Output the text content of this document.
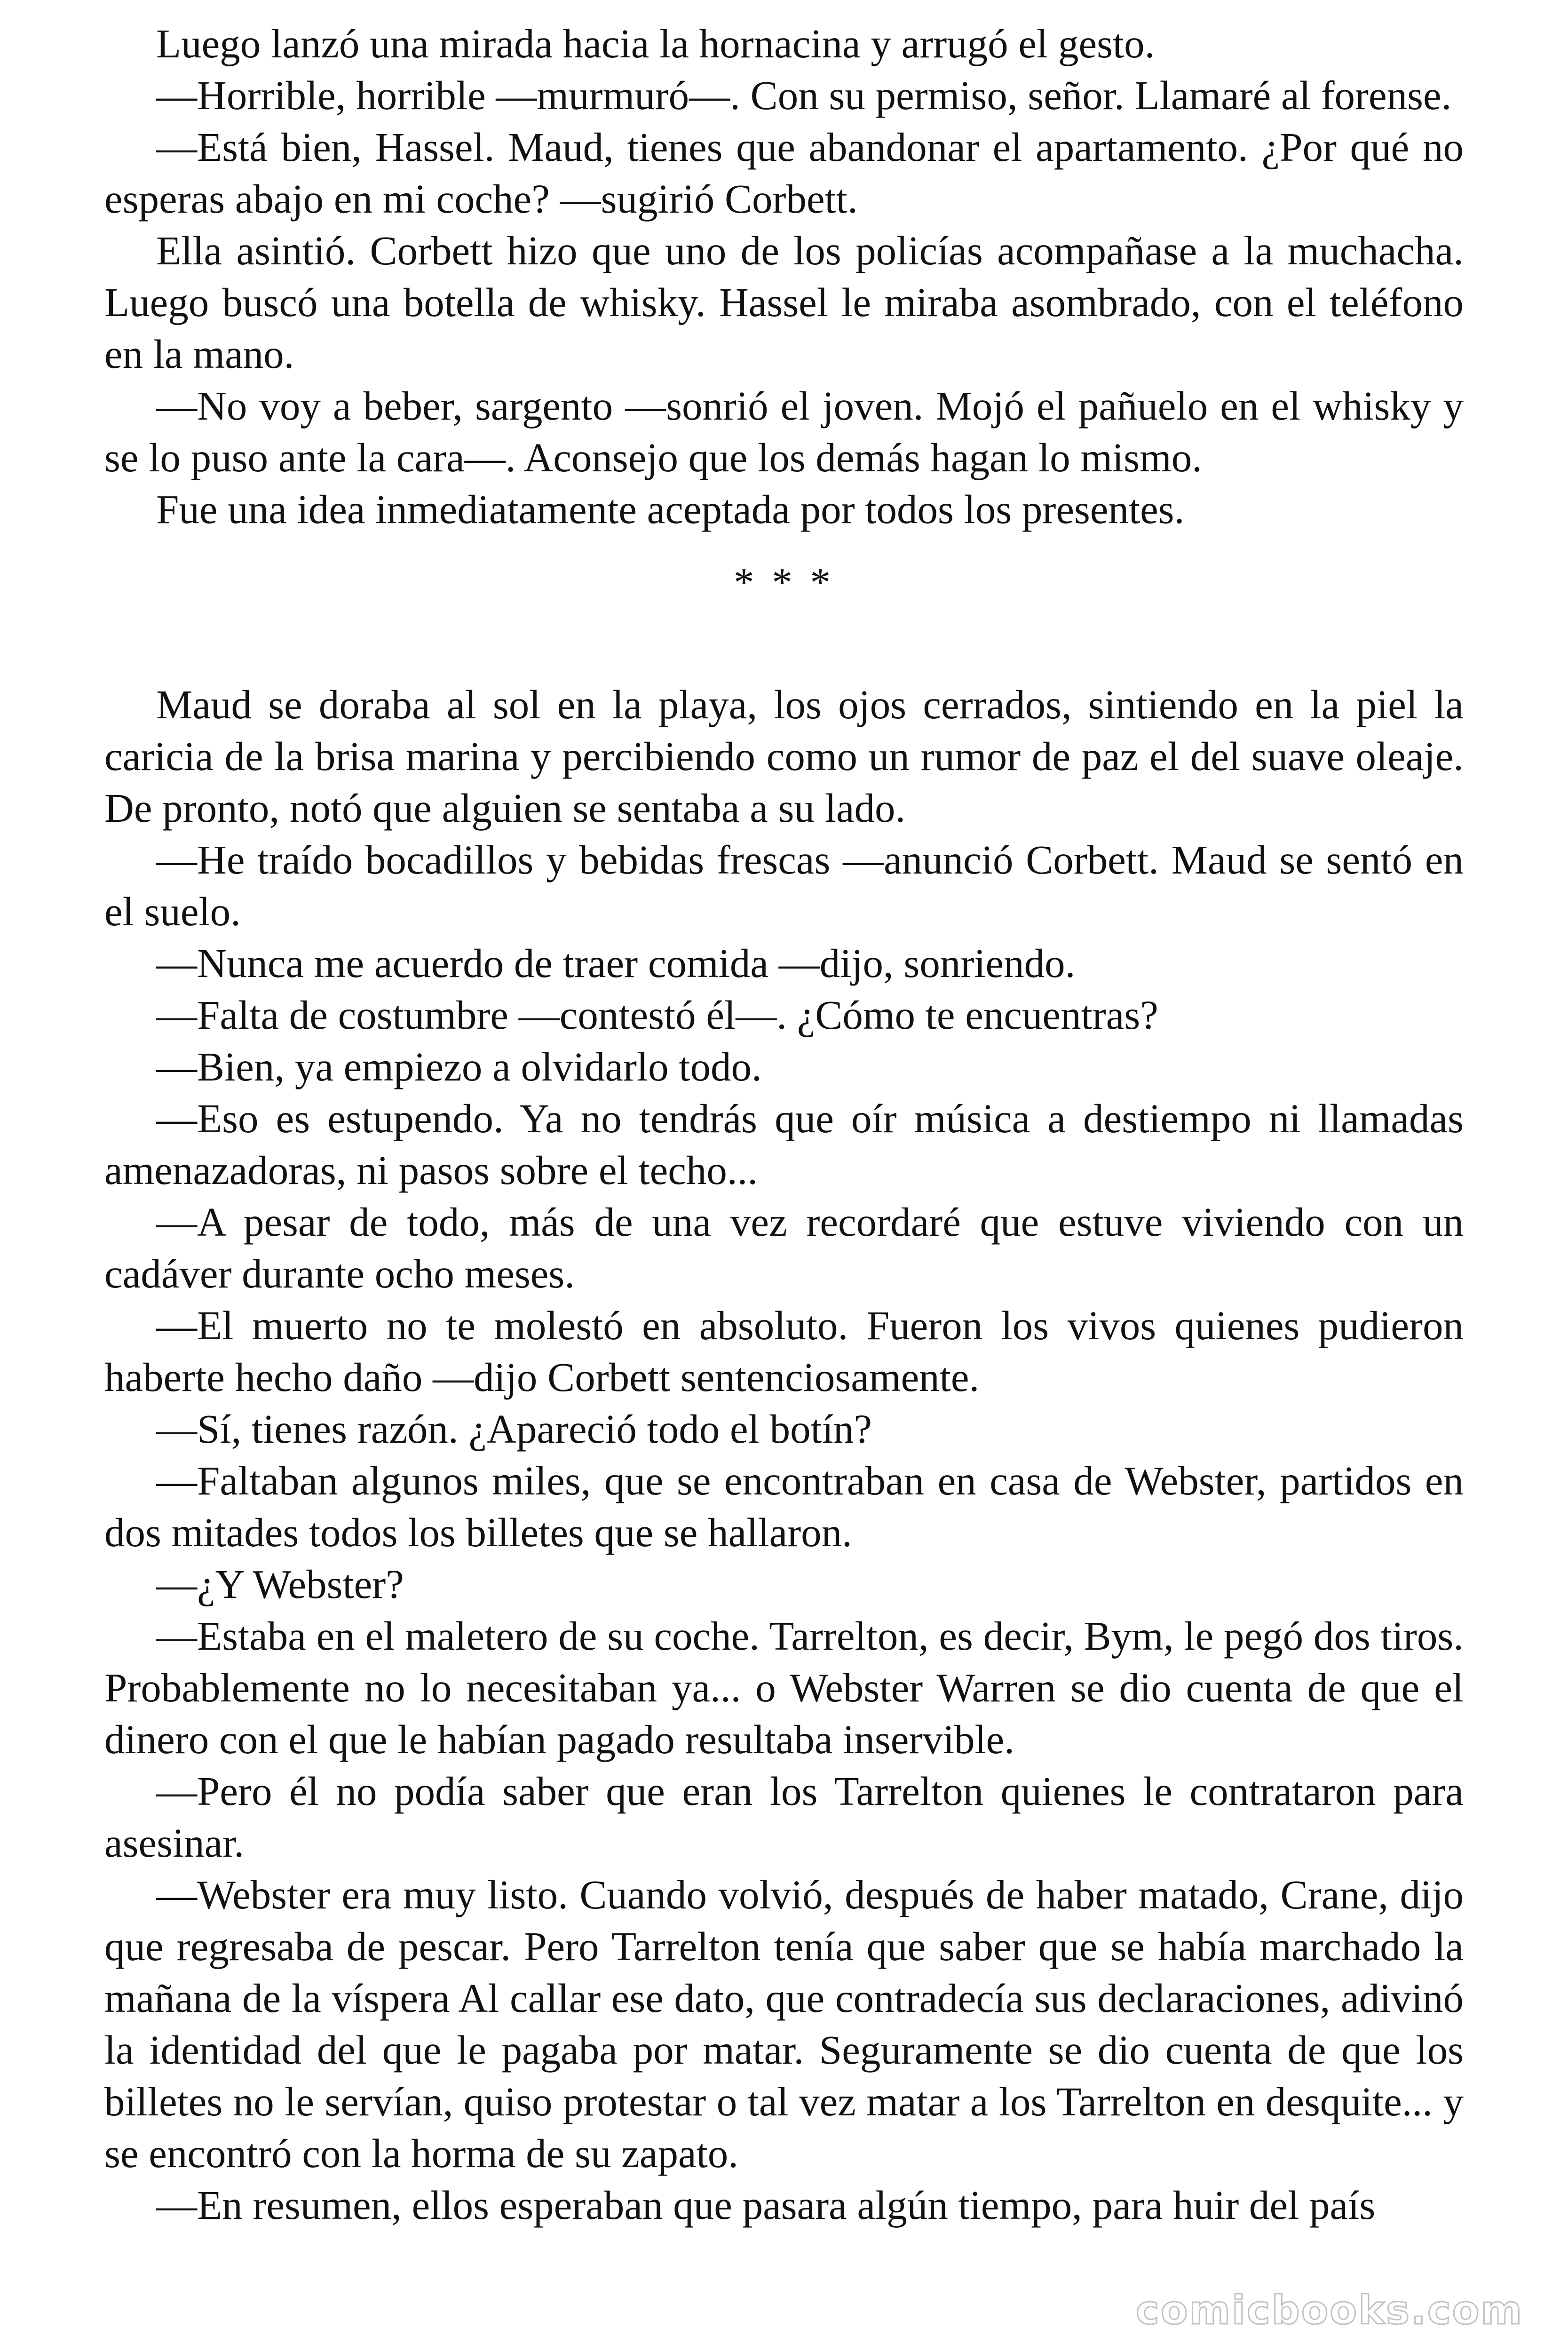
Luego lanzó una mirada hacia la hornacina y arrugó el gesto.

—Horrible, horrible —murmuró—. Con su permiso, señor. Llamaré al forense.

—Está bien, Hassel. Maud, tienes que abandonar el apartamento. ¿Por qué no esperas abajo en mi coche? —sugirió Corbett.

Ella asintió. Corbett hizo que uno de los policías acompañase a la muchacha. Luego buscó una botella de whisky. Hassel le miraba asombrado, con el teléfono en la mano.

—No voy a beber, sargento —sonrió el joven. Mojó el pañuelo en el whisky y se lo puso ante la cara—. Aconsejo que los demás hagan lo mismo.

Fue una idea inmediatamente aceptada por todos los presentes.

* * *

Maud se doraba al sol en la playa, los ojos cerrados, sintiendo en la piel la caricia de la brisa marina y percibiendo como un rumor de paz el del suave oleaje. De pronto, notó que alguien se sentaba a su lado.

—He traído bocadillos y bebidas frescas —anunció Corbett. Maud se sentó en el suelo.

—Nunca me acuerdo de traer comida —dijo, sonriendo.

—Falta de costumbre —contestó él—. ¿Cómo te encuentras?

—Bien, ya empiezo a olvidarlo todo.

—Eso es estupendo. Ya no tendrás que oír música a destiempo ni llamadas amenazadoras, ni pasos sobre el techo...

—A pesar de todo, más de una vez recordaré que estuve viviendo con un cadáver durante ocho meses.

—El muerto no te molestó en absoluto. Fueron los vivos quienes pudieron haberte hecho daño —dijo Corbett sentenciosamente.

—Sí, tienes razón. ¿Apareció todo el botín?

—Faltaban algunos miles, que se encontraban en casa de Webster, partidos en dos mitades todos los billetes que se hallaron.

—¿Y Webster?

—Estaba en el maletero de su coche. Tarrelton, es decir, Bym, le pegó dos tiros. Probablemente no lo necesitaban ya... o Webster Warren se dio cuenta de que el dinero con el que le habían pagado resultaba inservible.

—Pero él no podía saber que eran los Tarrelton quienes le contrataron para asesinar.

—Webster era muy listo. Cuando volvió, después de haber matado, Crane, dijo que regresaba de pescar. Pero Tarrelton tenía que saber que se había marchado la mañana de la víspera Al callar ese dato, que contradecía sus declaraciones, adivinó la identidad del que le pagaba por matar. Seguramente se dio cuenta de que los billetes no le servían, quiso protestar o tal vez matar a los Tarrelton en desquite... y se encontró con la horma de su zapato.

—En resumen, ellos esperaban que pasara algún tiempo, para huir del país

comicbooks.com
